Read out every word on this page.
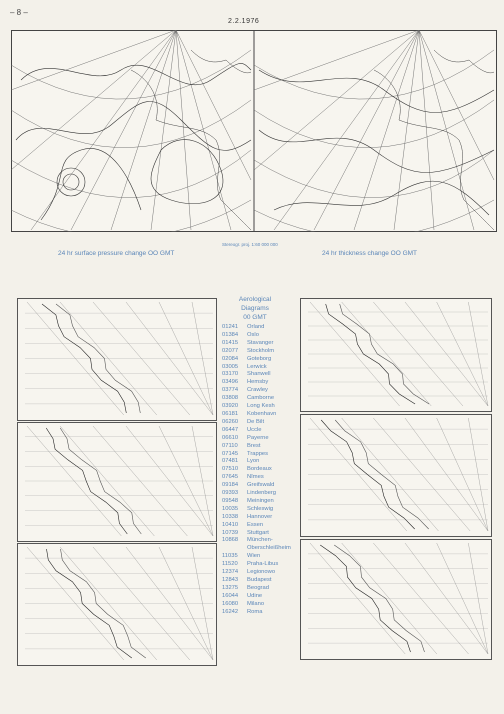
– 8 –
2.2.1976
Stereogr. proj. 1:60 000 000
24 hr surface pressure change OO GMT	24 hr thickness change OO GMT
Aerological
Diagrams
00 GMT
01241	Orland
01384	Oslo
01415	Stavanger
02077	Stockholm
02084	Goteborg
03005	Lerwick
03170	Shanwell
03496	Hemsby
03774	Crawley
03808	Camborne
03920	Long Kesh
06181	Kobenhavn
06260	De Bilt
06447	Uccle
06610	Payerne
07110	Brest
07145	Trappes
07481	Lyon
07510	Bordeaux
07645	Nîmes
09184	Greifswald
09393	Lindenberg
09548	Meiningen
10035	Schleswig
10338	Hannover
10410	Essen
10739	Stuttgart
10868	München-
Oberschleißheim
11035	Wien
11520	Praha-Libus
12374	Legionowo
12843	Budapest
13275	Beograd
16044	Udine
16080	Milano
16242	Roma
